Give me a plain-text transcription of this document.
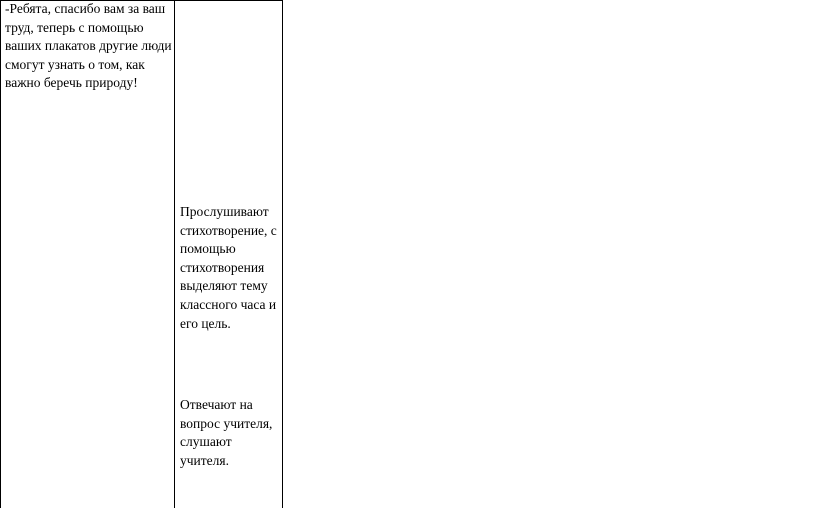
-Ребята, спасибо вам за ваш труд, теперь с помощью ваших плакатов другие люди смогут узнать о том, как важно беречь природу!
Прослушивают стихотворение, с помощью стихотворения выделяют тему классного часа и его цель.
Отвечают на вопрос учителя, слушают учителя.
